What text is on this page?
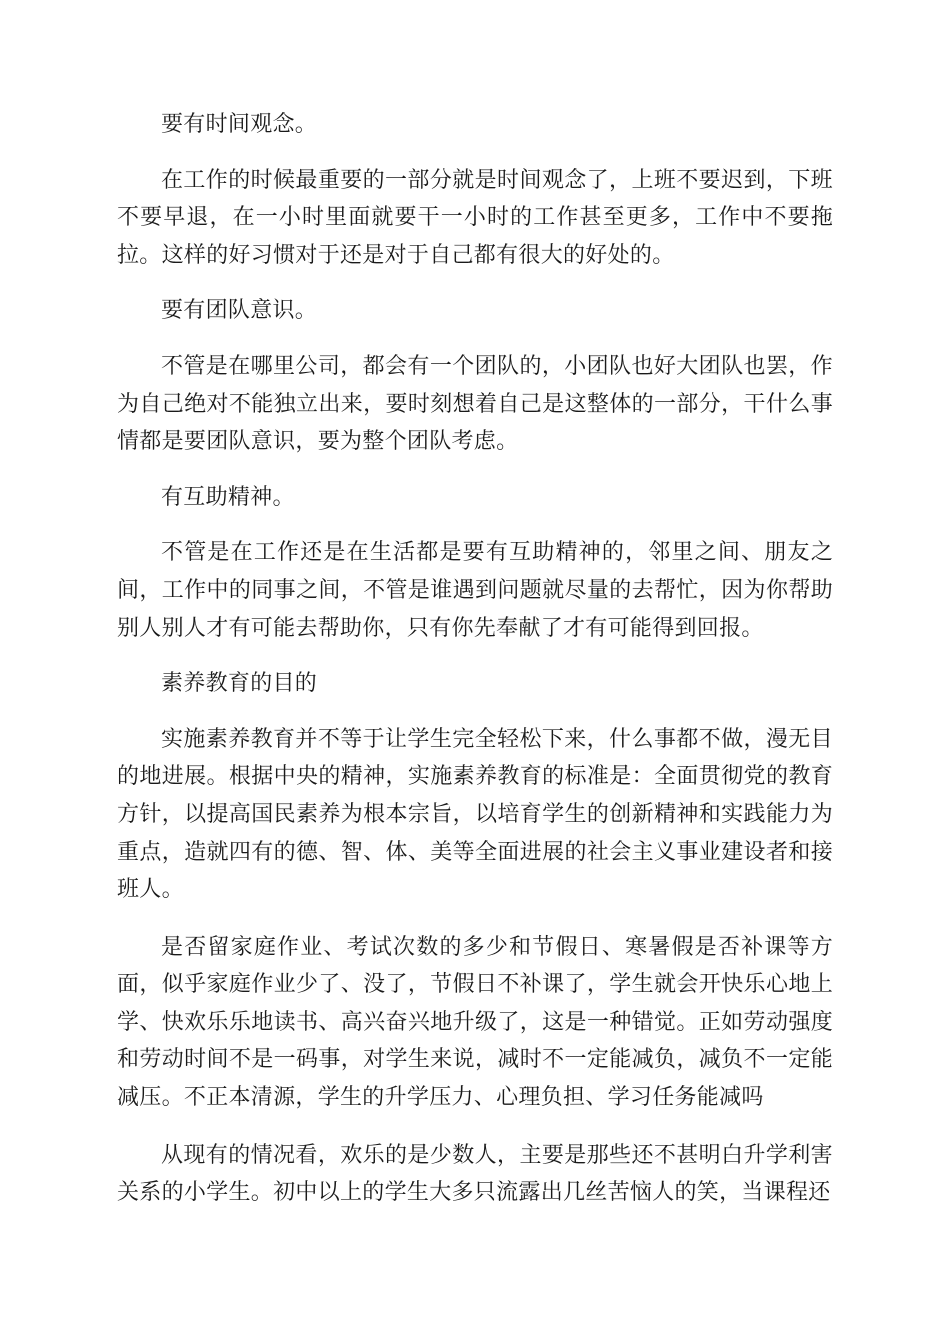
要有时间观念。

在工作的时候最重要的一部分就是时间观念了，上班不要迟到，下班不要早退，在一小时里面就要干一小时的工作甚至更多，工作中不要拖拉。这样的好习惯对于还是对于自己都有很大的好处的。

要有团队意识。

不管是在哪里公司，都会有一个团队的，小团队也好大团队也罢，作为自己绝对不能独立出来，要时刻想着自己是这整体的一部分，干什么事情都是要团队意识，要为整个团队考虑。

有互助精神。

不管是在工作还是在生活都是要有互助精神的，邻里之间、朋友之间，工作中的同事之间，不管是谁遇到问题就尽量的去帮忙，因为你帮助别人别人才有可能去帮助你，只有你先奉献了才有可能得到回报。

素养教育的目的

实施素养教育并不等于让学生完全轻松下来，什么事都不做，漫无目的地进展。根据中央的精神，实施素养教育的标准是：全面贯彻党的教育方针，以提高国民素养为根本宗旨，以培育学生的创新精神和实践能力为重点，造就四有的德、智、体、美等全面进展的社会主义事业建设者和接班人。

是否留家庭作业、考试次数的多少和节假日、寒暑假是否补课等方面，似乎家庭作业少了、没了，节假日不补课了，学生就会开快乐心地上学、快欢乐乐地读书、高兴奋兴地升级了，这是一种错觉。正如劳动强度和劳动时间不是一码事，对学生来说，减时不一定能减负，减负不一定能减压。不正本清源，学生的升学压力、心理负担、学习任务能减吗

从现有的情况看，欢乐的是少数人，主要是那些还不甚明白升学利害关系的小学生。初中以上的学生大多只流露出几丝苦恼人的笑，当课程还
